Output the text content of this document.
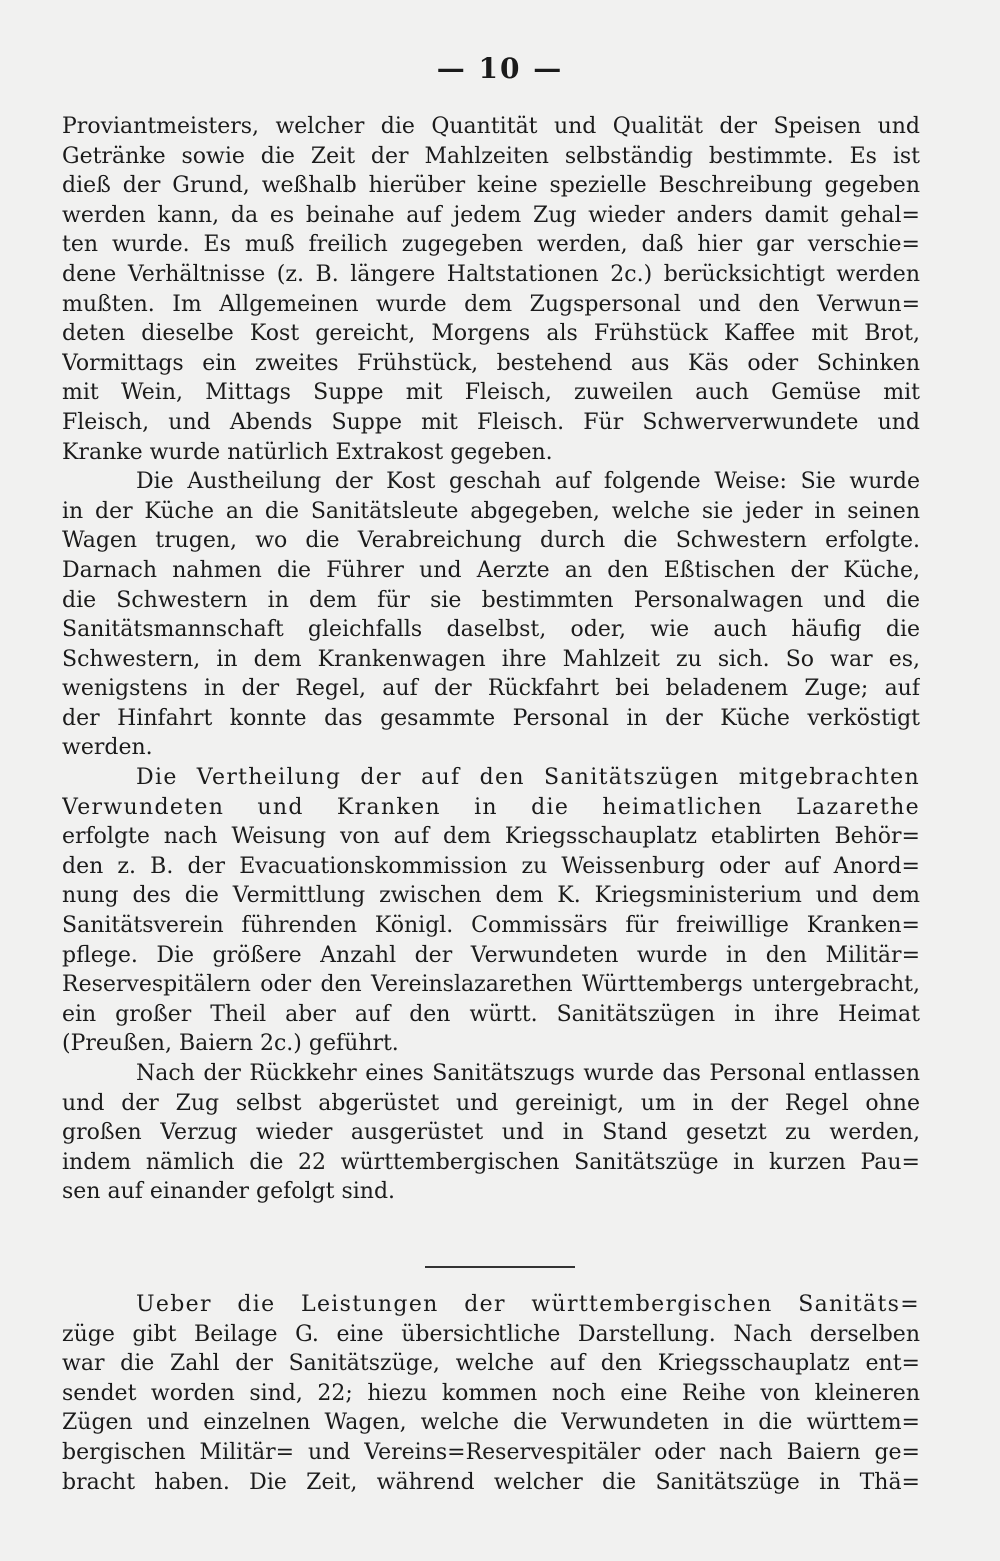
— 10 —
Proviantmeisters, welcher die Quantität und Qualität der Speisen und
Getränke sowie die Zeit der Mahlzeiten selbständig bestimmte. Es ist
dieß der Grund, weßhalb hierüber keine spezielle Beschreibung gegeben
werden kann, da es beinahe auf jedem Zug wieder anders damit gehal=
ten wurde. Es muß freilich zugegeben werden, daß hier gar verschie=
dene Verhältnisse (z. B. längere Haltstationen 2c.) berücksichtigt werden
mußten. Im Allgemeinen wurde dem Zugspersonal und den Verwun=
deten dieselbe Kost gereicht, Morgens als Frühstück Kaffee mit Brot,
Vormittags ein zweites Frühstück, bestehend aus Käs oder Schinken
mit Wein, Mittags Suppe mit Fleisch, zuweilen auch Gemüse mit
Fleisch, und Abends Suppe mit Fleisch. Für Schwerverwundete und
Kranke wurde natürlich Extrakost gegeben.
Die Austheilung der Kost geschah auf folgende Weise: Sie wurde
in der Küche an die Sanitätsleute abgegeben, welche sie jeder in seinen
Wagen trugen, wo die Verabreichung durch die Schwestern erfolgte.
Darnach nahmen die Führer und Aerzte an den Eßtischen der Küche,
die Schwestern in dem für sie bestimmten Personalwagen und die
Sanitätsmannschaft gleichfalls daselbst, oder, wie auch häufig die
Schwestern, in dem Krankenwagen ihre Mahlzeit zu sich. So war es,
wenigstens in der Regel, auf der Rückfahrt bei beladenem Zuge; auf
der Hinfahrt konnte das gesammte Personal in der Küche verköstigt
werden.
Die Vertheilung der auf den Sanitätszügen mitgebrachten
Verwundeten und Kranken in die heimatlichen Lazarethe
erfolgte nach Weisung von auf dem Kriegsschauplatz etablirten Behör=
den z. B. der Evacuationskommission zu Weissenburg oder auf Anord=
nung des die Vermittlung zwischen dem K. Kriegsministerium und dem
Sanitätsverein führenden Königl. Commissärs für freiwillige Kranken=
pflege. Die größere Anzahl der Verwundeten wurde in den Militär=
Reservespitälern oder den Vereinslazarethen Württembergs untergebracht,
ein großer Theil aber auf den württ. Sanitätszügen in ihre Heimat
(Preußen, Baiern 2c.) geführt.
Nach der Rückkehr eines Sanitätszugs wurde das Personal entlassen
und der Zug selbst abgerüstet und gereinigt, um in der Regel ohne
großen Verzug wieder ausgerüstet und in Stand gesetzt zu werden,
indem nämlich die 22 württembergischen Sanitätszüge in kurzen Pau=
sen auf einander gefolgt sind.
Ueber die Leistungen der württembergischen Sanitäts=
züge gibt Beilage G. eine übersichtliche Darstellung. Nach derselben
war die Zahl der Sanitätszüge, welche auf den Kriegsschauplatz ent=
sendet worden sind, 22; hiezu kommen noch eine Reihe von kleineren
Zügen und einzelnen Wagen, welche die Verwundeten in die württem=
bergischen Militär= und Vereins=Reservespitäler oder nach Baiern ge=
bracht haben. Die Zeit, während welcher die Sanitätszüge in Thä=
